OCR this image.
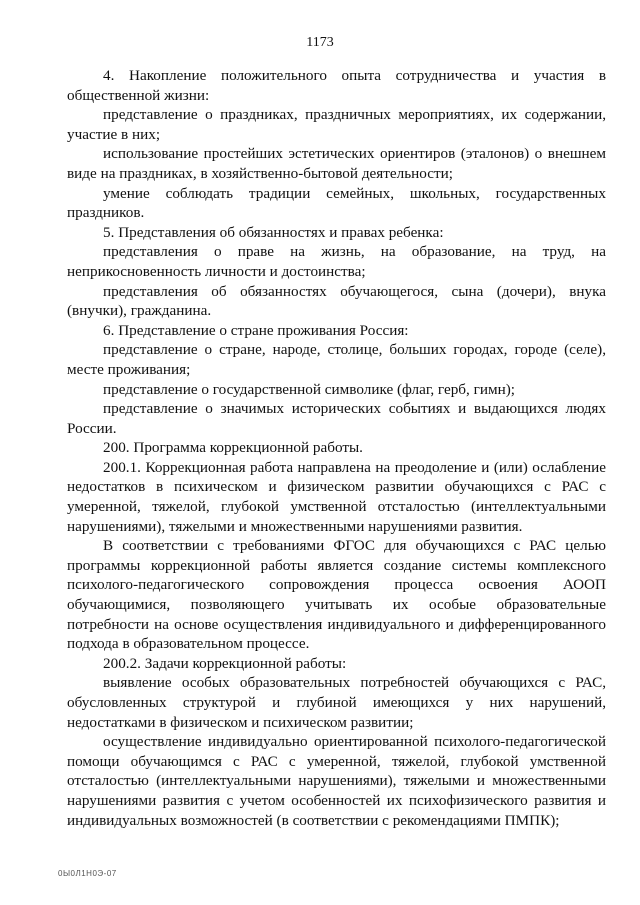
1173

4. Накопление положительного опыта сотрудничества и участия в общественной жизни:

представление о праздниках, праздничных мероприятиях, их содержании, участие в них;

использование простейших эстетических ориентиров (эталонов) о внешнем виде на праздниках, в хозяйственно-бытовой деятельности;

умение соблюдать традиции семейных, школьных, государственных праздников.

5. Представления об обязанностях и правах ребенка:

представления о праве на жизнь, на образование, на труд, на неприкосновенность личности и достоинства;

представления об обязанностях обучающегося, сына (дочери), внука (внучки), гражданина.

6. Представление о стране проживания Россия:

представление о стране, народе, столице, больших городах, городе (селе), месте проживания;

представление о государственной символике (флаг, герб, гимн);

представление о значимых исторических событиях и выдающихся людях России.

200. Программа коррекционной работы.

200.1. Коррекционная работа направлена на преодоление и (или) ослабление недостатков в психическом и физическом развитии обучающихся с РАС с умеренной, тяжелой, глубокой умственной отсталостью (интеллектуальными нарушениями), тяжелыми и множественными нарушениями развития.

В соответствии с требованиями ФГОС для обучающихся с РАС целью программы коррекционной работы является создание системы комплексного психолого-педагогического сопровождения процесса освоения АООП обучающимися, позволяющего учитывать их особые образовательные потребности на основе осуществления индивидуального и дифференцированного подхода в образовательном процессе.

200.2. Задачи коррекционной работы:

выявление особых образовательных потребностей обучающихся с РАС, обусловленных структурой и глубиной имеющихся у них нарушений, недостатками в физическом и психическом развитии;

осуществление индивидуально ориентированной психолого-педагогической помощи обучающимся с РАС с умеренной, тяжелой, глубокой умственной отсталостью (интеллектуальными нарушениями), тяжелыми и множественными нарушениями развития с учетом особенностей их психофизического развития и индивидуальных возможностей (в соответствии с рекомендациями ПМПК);

0Ы0Л1Н0Э-07
